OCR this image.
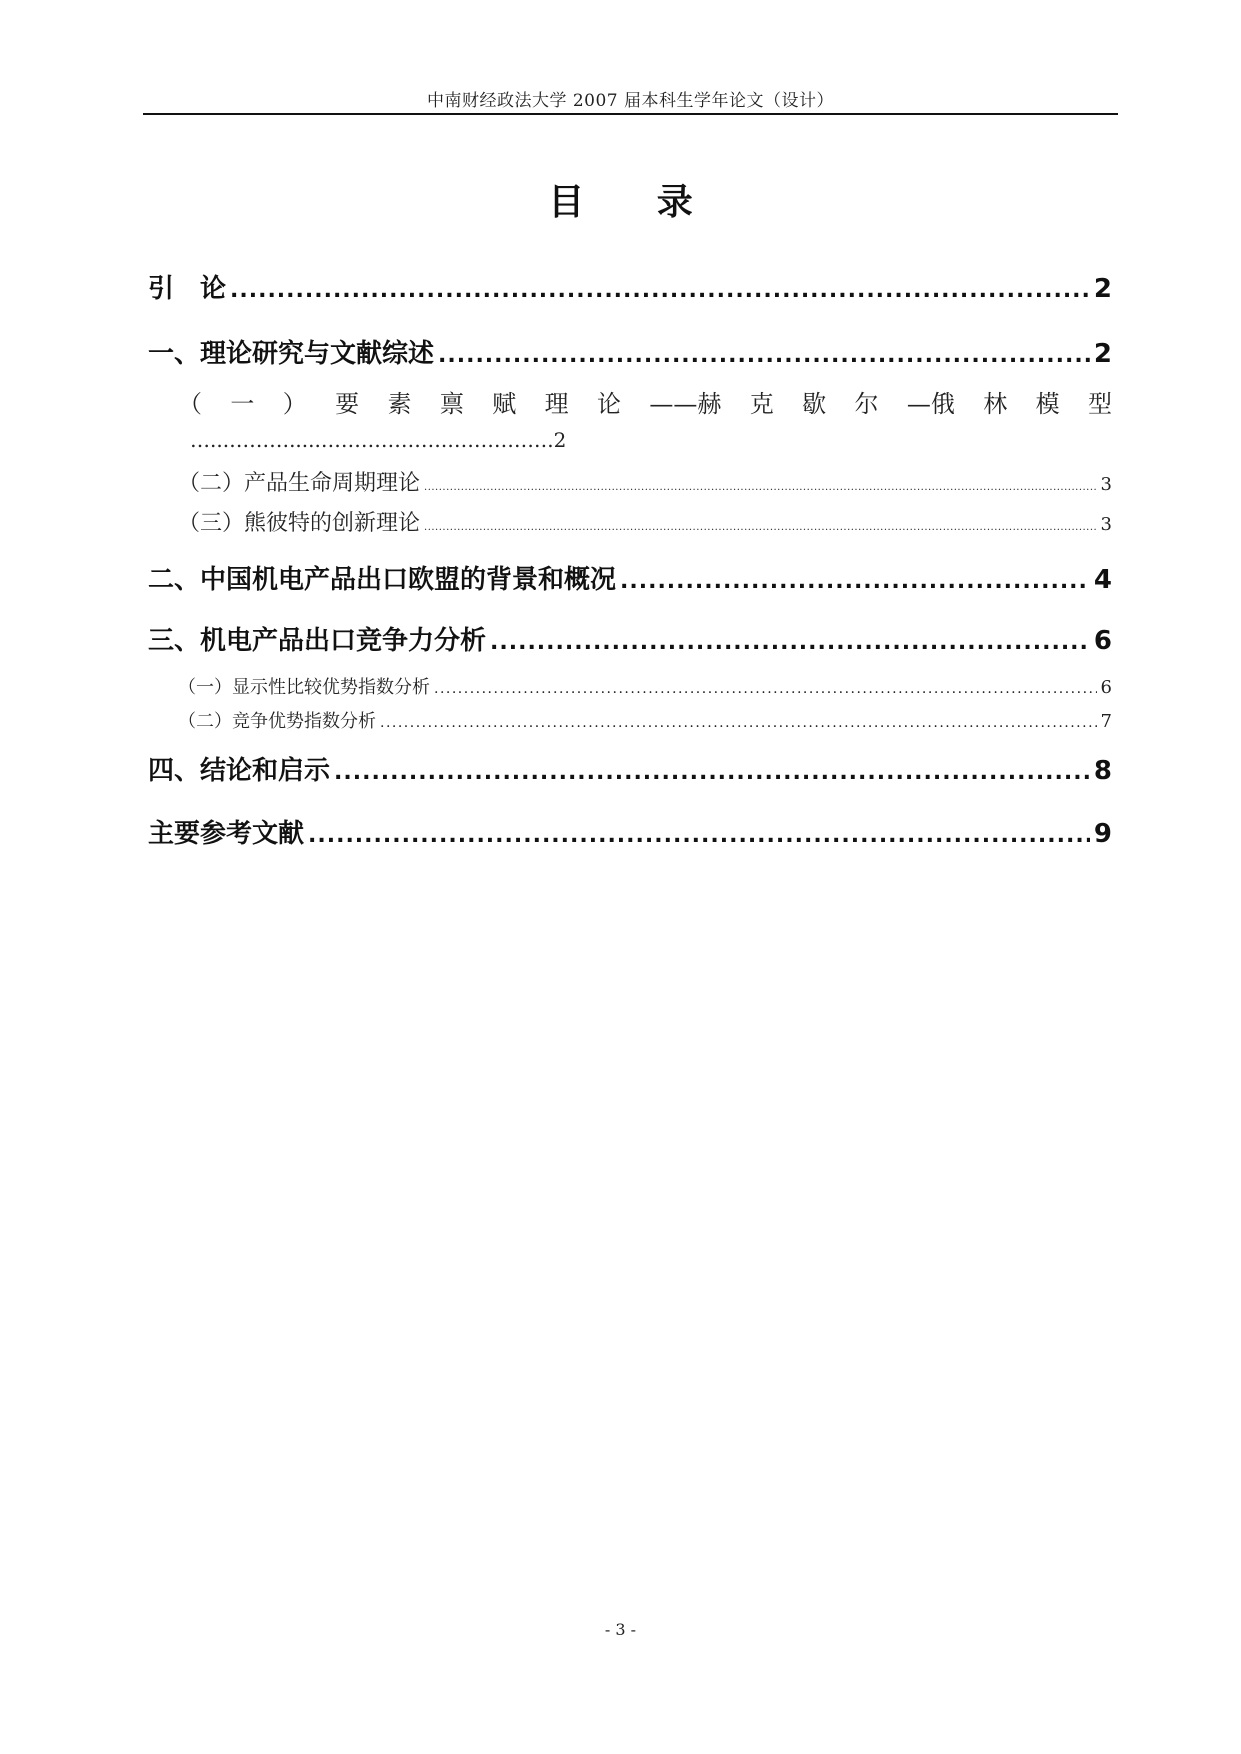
中南财经政法大学 2007 届本科生学年论文（设计）
目 录
引　论 .....	2
一、理论研究与文献综述 .....	2
（ 一 ） 要 素 禀 赋 理 论 ——赫 克 歇 尔 —俄 林 模 型
…...……….....……………….…………….2
（二）产品生命周期理论 .....	3
（三）熊彼特的创新理论 .....	3
二、中国机电产品出口欧盟的背景和概况 .....	4
三、机电产品出口竞争力分析 .....	6
（一）显示性比较优势指数分析 .....	6
（二）竞争优势指数分析 .....	7
四、结论和启示 .....	8
主要参考文献 .....	9
- 3 -
